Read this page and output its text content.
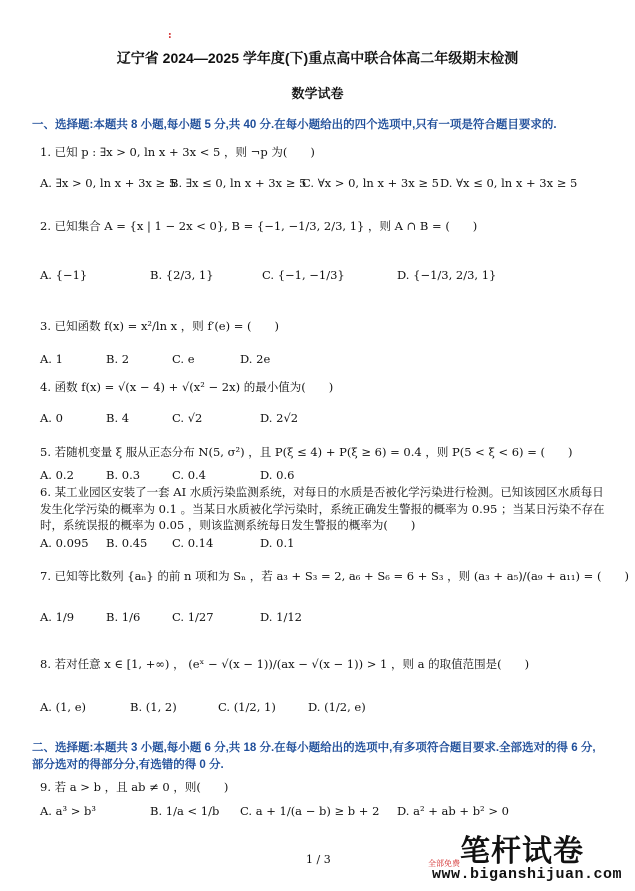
:
辽宁省 2024—2025 学年度(下)重点高中联合体高二年级期末检测
数学试卷
一、选择题:本题共 8 小题,每小题 5 分,共 40 分.在每小题给出的四个选项中,只有一项是符合题目要求的.
1. 已知 p : ∃x > 0, ln x + 3x < 5 ，则 ¬p 为(　　)
A. ∃x > 0, ln x + 3x ≥ 5
B. ∃x ≤ 0, ln x + 3x ≥ 5
C. ∀x > 0, ln x + 3x ≥ 5 D. ∀x ≤ 0, ln x + 3x ≥ 5
2. 已知集合 A = {x | 1 − 2x < 0}, B = {−1, −1/3, 2/3, 1} ，则 A ∩ B = (　　)
A. {−1}	B. {2/3, 1}	C. {−1, −1/3}	D. {−1/3, 2/3, 1}
3. 已知函数 f(x) = x²/ln x ，则 f′(e) = (　　)
A. 1	B. 2	C. e	D. 2e
4. 函数 f(x) = √(x − 4) + √(x² − 2x) 的最小值为(　　)
A. 0	B. 4	C. √2	D. 2√2
5. 若随机变量 ξ 服从正态分布 N(5, σ²) ，且 P(ξ ≤ 4) + P(ξ ≥ 6) = 0.4 ，则 P(5 < ξ < 6) = (　　)
A. 0.2	B. 0.3	C. 0.4	D. 0.6
6. 某工业园区安装了一套 AI 水质污染监测系统，对每日的水质是否被化学污染进行检测。已知该园区水质每日发生化学污染的概率为 0.1 。当某日水质被化学污染时，系统正确发生警报的概率为 0.95 ；当某日污染不存在时，系统误报的概率为 0.05 ，则该监测系统每日发生警报的概率为(　　)
A. 0.095 B. 0.45 C. 0.14	D. 0.1
7. 已知等比数列 {aₙ} 的前 n 项和为 Sₙ ，若 a₃ + S₃ = 2, a₆ + S₆ = 6 + S₃ ，则 (a₃ + a₅)/(a₉ + a₁₁) = (　　)
A. 1/9	B. 1/6	C. 1/27	D. 1/12
8. 若对任意 x ∈ [1, +∞) ， (eˣ − √(x − 1))/(ax − √(x − 1)) > 1 ，则 a 的取值范围是(　　)
A. (1, e)	B. (1, 2)	C. (1/2, 1)	D. (1/2, e)
二、选择题:本题共 3 小题,每小题 6 分,共 18 分.在每小题给出的选项中,有多项符合题目要求.全部选对的得 6 分,部分选对的得部分分,有选错的得 0 分.
9. 若 a > b ，且 ab ≠ 0 ，则(　　)
A. a³ > b³	B. 1/a < 1/b C. a + 1/(a − b) ≥ b + 2 D. a² + ab + b² > 0
1 / 3	全部免费 笔杆试卷
www.biganshijuan.com
